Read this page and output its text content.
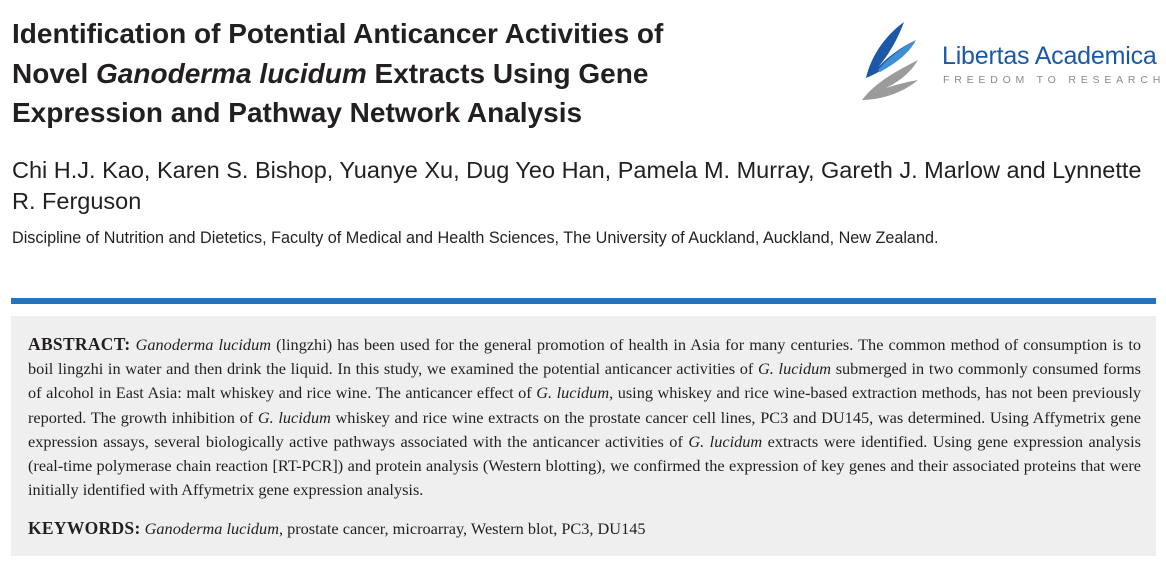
Identification of Potential Anticancer Activities of
Novel Ganoderma lucidum Extracts Using Gene
Expression and Pathway Network Analysis
Libertas Academica
FREEDOM TO RESEARCH
Chi H.J. Kao, Karen S. Bishop, Yuanye Xu, Dug Yeo Han, Pamela M. Murray, Gareth J. Marlow and Lynnette R. Ferguson
Discipline of Nutrition and Dietetics, Faculty of Medical and Health Sciences, The University of Auckland, Auckland, New Zealand.

ABSTRACT: Ganoderma lucidum (lingzhi) has been used for the general promotion of health in Asia for many centuries. The common method of consumption is to boil lingzhi in water and then drink the liquid. In this study, we examined the potential anticancer activities of G. lucidum submerged in two commonly consumed forms of alcohol in East Asia: malt whiskey and rice wine. The anticancer effect of G. lucidum, using whiskey and rice wine-based extraction methods, has not been previously reported. The growth inhibition of G. lucidum whiskey and rice wine extracts on the prostate cancer cell lines, PC3 and DU145, was determined. Using Affymetrix gene expression assays, several biologically active pathways associated with the anticancer activities of G. lucidum extracts were identified. Using gene expression analysis (real-time polymerase chain reaction [RT-PCR]) and protein analysis (Western blotting), we confirmed the expression of key genes and their associated proteins that were initially identified with Affymetrix gene expression analysis.

KEYWORDS: Ganoderma lucidum, prostate cancer, microarray, Western blot, PC3, DU145
